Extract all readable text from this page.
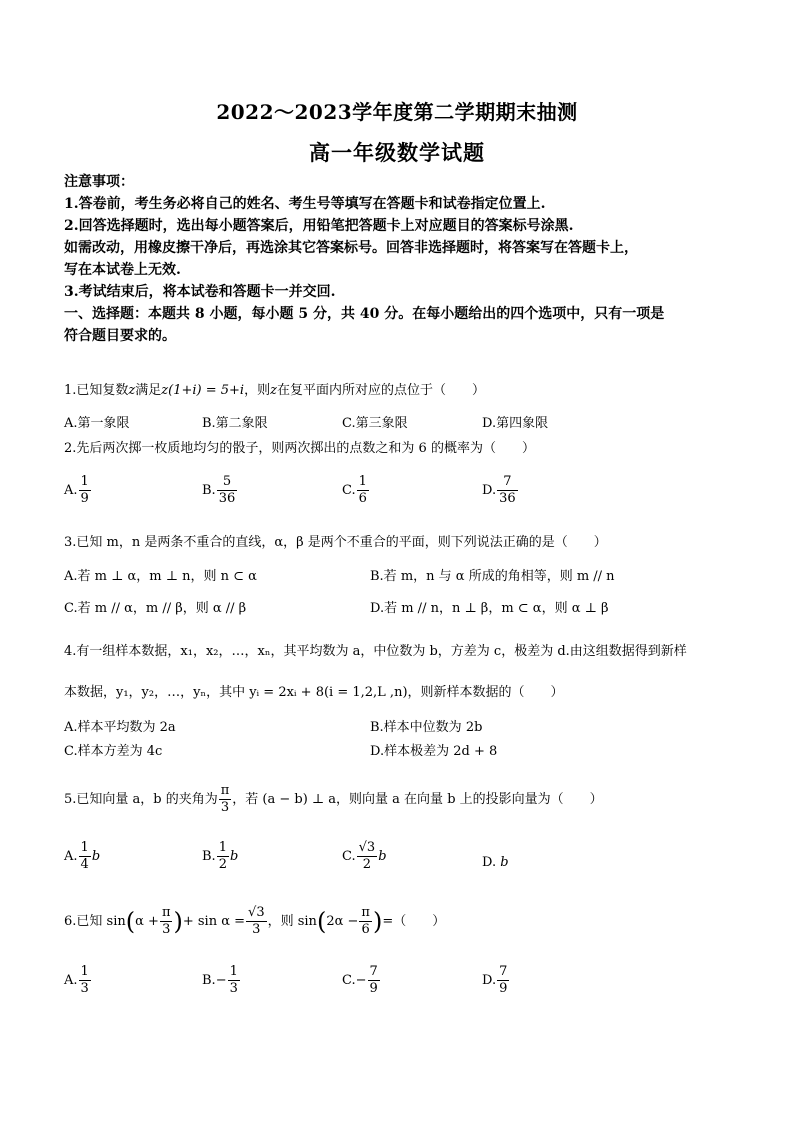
2022～2023学年度第二学期期末抽测
高一年级数学试题
注意事项：
1.答卷前，考生务必将自己的姓名、考生号等填写在答题卡和试卷指定位置上.
2.回答选择题时，选出每小题答案后，用铅笔把答题卡上对应题目的答案标号涂黑.
如需改动，用橡皮擦干净后，再选涂其它答案标号。回答非选择题时，将答案写在答题卡上，
写在本试卷上无效.
3.考试结束后，将本试卷和答题卡一并交回.
一、选择题：本题共 8 小题，每小题 5 分，共 40 分。在每小题给出的四个选项中，只有一项是
符合题目要求的。
1.已知复数z满足z(1+i) = 5+i，则z在复平面内所对应的点位于（　　）
A.第一象限	B.第二象限	C.第三象限	D.第四象限
2.先后两次掷一枚质地均匀的骰子，则两次掷出的点数之和为 6 的概率为（　　）
A. $\frac{1}{9}$	B. $\frac{5}{36}$	C. $\frac{1}{6}$	D. $\frac{7}{36}$
3.已知 m，n 是两条不重合的直线，α，β 是两个不重合的平面，则下列说法正确的是（　　）
A.若 m ⊥ α，m ⊥ n，则 n ⊂ α	B.若 m，n 与 α 所成的角相等，则 m // n
C.若 m // α，m // β，则 α // β	D.若 m // n，n ⊥ β，m ⊂ α，则 α ⊥ β
4.有一组样本数据，x₁，x₂，…，xₙ，其平均数为 a，中位数为 b，方差为 c，极差为 d.由这组数据得到新样
本数据，y₁，y₂，…，yₙ，其中 yᵢ = 2xᵢ + 8(i = 1,2,L ,n)，则新样本数据的（　　）
A.样本平均数为 2a	B.样本中位数为 2b
C.样本方差为 4c	D.样本极差为 2d + 8
5.已知向量 a，b 的夹角为 $\frac{\pi}{3}$ ，若 (a − b) ⊥ a，则向量 a 在向量 b 上的投影向量为（　　）
A. $\frac{1}{4}$ b	B. $\frac{1}{2}$ b	C. $\frac{√3}{2}$ b	D. b
6.已知 $\sin(\alpha + \frac{\pi}{3}$ )+ $\sin \alpha = \frac{√3}{3}$ ，则 $\sin(2\alpha - \frac{\pi}{6}$ )=（　　）
A. $\frac{1}{3}$	$B.- \frac{1}{3}$	$C.- \frac{7}{9}$	D. $\frac{7}{9}$
